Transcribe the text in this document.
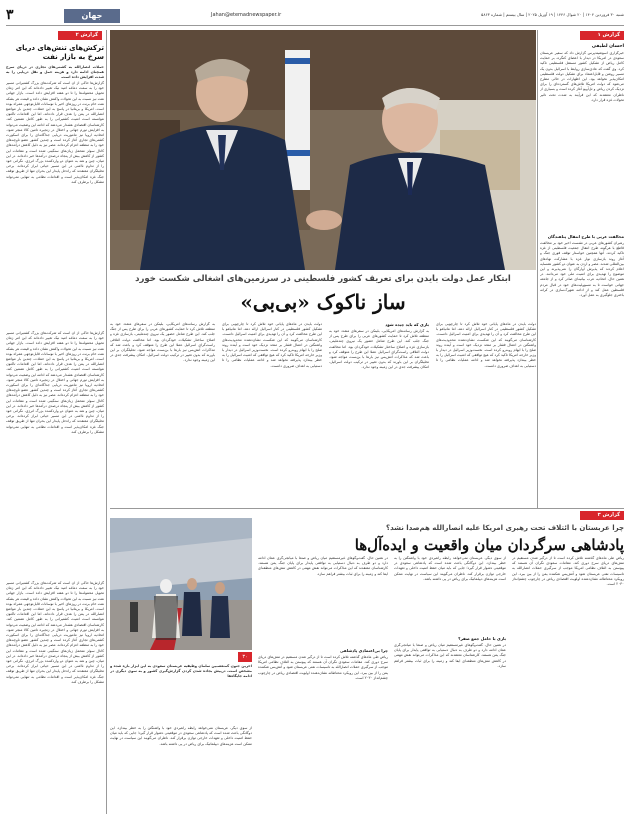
۳	جهان	Jahan@etemadnewspaper.ir	شنبه ۳۰ فروردین ۱۴۰۴ | ۲۰ شوال ۱۴۴۶ | ۱۹ آوریل ۲۰۲۵ | سال بیستم | شماره ۵۸۶۳
گزارش ۱
احسان لطیفی
خبرگزاری آسوشیتدپرس گزارش داد که سفیر عربستان سعودی در امریکا در دیدار با اعضای کنگره، بر حمایت کامل ریاض از تشکیل کشور مستقل فلسطینی تاکید کرد. وی گفت که عادی‌سازی روابط با اسرائیل بدون یک مسیر روشن و قابل‌اعتماد برای تشکیل دولت فلسطینی امکان‌پذیر نخواهد بود. این اظهارات در حالی مطرح می‌شود که دولت امریکا تلاش‌های گسترده‌ای را برای نزدیک کردن ریاض و تل‌آویو آغاز کرده است و بسیاری از ناظران معتقدند که این فرآیند به شدت تحت تاثیر تحولات غزه قرار دارد.
مخالفت عربی با طرح انتقال پناهندگان
رهبران کشورهای عربی در نشست اخیر خود بر مخالفت قاطع با هرگونه طرح انتقال جمعیت فلسطینی از غزه تاکید کردند. آنها همچنین خواستار توقف فوری جنگ و آغاز روند بازسازی نوار غزه با مشارکت نهادهای بین‌المللی شدند. مصر و اردن به عنوان دو کشور همسایه اعلام کردند که پذیرش آوارگان را نمی‌پذیرند و این موضوع را تهدیدی برای امنیت ملی خود می‌دانند. در همین حال، اتحادیه عرب بیانیه‌ای صادر کرد و از جامعه جهانی خواست تا به مسوولیت‌های خود در قبال مردم فلسطین عمل کند و از ادامه شهرک‌سازی در کرانه باختری جلوگیری به عمل آورد.
ابتکار عمل دولت بایدن برای تعریف کشور فلسطینی در سرزمین‌های اشغالی شکست خورد
ساز ناکوک «بی‌بی»
دولت بایدن در ماه‌های پایانی خود تلاش کرد تا چارچوبی برای تشکیل کشور فلسطینی در کنار اسرائیل ارائه دهد، اما نتانیاهو با این طرح مخالفت کرد و آن را تهدیدی برای امنیت اسرائیل دانست. کارشناسان می‌گویند که این شکست نشان‌دهنده محدودیت‌های واشنگتن در اعمال فشار بر متحد نزدیک خود است و آینده روند صلح را با ابهام روبه‌رو کرده است. نخست‌وزیر اسرائیل در دیدار با وزیر خارجه امریکا تاکید کرد که هیچ توافقی که امنیت اسرائیل را به خطر بیندازد پذیرفته نخواهد شد و ادامه عملیات نظامی را تا دستیابی به اهداف ضروری دانست.
بازی که باید چیده شود
به گزارش رسانه‌های امریکایی، بلینکن در سفرهای متعدد خود به منطقه تلاش کرد تا حمایت کشورهای عربی را برای طرح پس از جنگ جلب کند. این طرح شامل حضور یک نیروی چندملیتی، بازسازی غزه و اصلاح ساختار تشکیلات خودگردان بود. اما مخالفت دولت ائتلافی راست‌گرای اسرائیل عملا این طرح را متوقف کرد و باعث شد که مذاکرات آتش‌بس نیز بارها با بن‌بست مواجه شود. تحلیلگران بر این باورند که بدون تغییر در ترکیب دولت اسرائیل، امکان پیشرفت جدی در این زمینه وجود ندارد.
دولت بایدن در ماه‌های پایانی خود تلاش کرد تا چارچوبی برای تشکیل کشور فلسطینی در کنار اسرائیل ارائه دهد، اما نتانیاهو با این طرح مخالفت کرد و آن را تهدیدی برای امنیت اسرائیل دانست. کارشناسان می‌گویند که این شکست نشان‌دهنده محدودیت‌های واشنگتن در اعمال فشار بر متحد نزدیک خود است و آینده روند صلح را با ابهام روبه‌رو کرده است. نخست‌وزیر اسرائیل در دیدار با وزیر خارجه امریکا تاکید کرد که هیچ توافقی که امنیت اسرائیل را به خطر بیندازد پذیرفته نخواهد شد و ادامه عملیات نظامی را تا دستیابی به اهداف ضروری دانست.
به گزارش رسانه‌های امریکایی، بلینکن در سفرهای متعدد خود به منطقه تلاش کرد تا حمایت کشورهای عربی را برای طرح پس از جنگ جلب کند. این طرح شامل حضور یک نیروی چندملیتی، بازسازی غزه و اصلاح ساختار تشکیلات خودگردان بود. اما مخالفت دولت ائتلافی راست‌گرای اسرائیل عملا این طرح را متوقف کرد و باعث شد که مذاکرات آتش‌بس نیز بارها با بن‌بست مواجه شود. تحلیلگران بر این باورند که بدون تغییر در ترکیب دولت اسرائیل، امکان پیشرفت جدی در این زمینه وجود ندارد.
گزارش ۲
ترکش‌های تنش‌های دریای سرخ به بازار نفت
حملات انصارالله به کشتی‌های تجاری در دریای سرخ همچنان ادامه دارد و هزینه حمل و نقل دریایی را به شدت افزایش داده است.
گزارش‌ها حاکی از آن است که شرکت‌های بزرگ کشتیرانی مسیر خود را به سمت دماغه امید نیک تغییر داده‌اند که این امر زمان تحویل محموله‌ها را تا دو هفته افزایش داده است. بازار جهانی نفت نیز نسبت به این تحولات واکنش نشان داده و قیمت هر بشکه نفت خام برنت در روزهای اخیر با نوسانات قابل‌توجهی همراه بوده است. امریکا و بریتانیا در پاسخ به این حملات، چندین بار مواضع انصارالله در یمن را هدف قرار داده‌اند، اما این اقدامات تاکنون نتوانسته است امنیت کشتیرانی را به طور کامل تضمین کند. کارشناسان اقتصادی هشدار می‌دهند که ادامه این وضعیت می‌تواند به افزایش تورم جهانی و اختلال در زنجیره تامین کالا منجر شود. اتحادیه اروپا نیز ماموریت دریایی جداگانه‌ای را برای اسکورت کشتی‌های تجاری آغاز کرده است و چندین کشور عضو ناوچه‌های خود را به منطقه اعزام کرده‌اند. مصر نیز به دلیل کاهش درآمدهای کانال سوئز متحمل زیان‌های سنگینی شده است و مقامات این کشور از کاهش بیش از پنجاه درصدی درآمدها خبر داده‌اند. در این میان، چین و هند به عنوان دو واردکننده بزرگ انرژی، نگرانی خود را از تداوم ناامنی در این مسیر حیاتی ابراز کرده‌اند. برخی تحلیلگران معتقدند که راه‌حل پایدار این بحران تنها از طریق توقف جنگ غزه امکان‌پذیر است و اقدامات نظامی به تنهایی نمی‌تواند مشکل را برطرف کند.
گزارش‌ها حاکی از آن است که شرکت‌های بزرگ کشتیرانی مسیر خود را به سمت دماغه امید نیک تغییر داده‌اند که این امر زمان تحویل محموله‌ها را تا دو هفته افزایش داده است. بازار جهانی نفت نیز نسبت به این تحولات واکنش نشان داده و قیمت هر بشکه نفت خام برنت در روزهای اخیر با نوسانات قابل‌توجهی همراه بوده است. امریکا و بریتانیا در پاسخ به این حملات، چندین بار مواضع انصارالله در یمن را هدف قرار داده‌اند، اما این اقدامات تاکنون نتوانسته است امنیت کشتیرانی را به طور کامل تضمین کند. کارشناسان اقتصادی هشدار می‌دهند که ادامه این وضعیت می‌تواند به افزایش تورم جهانی و اختلال در زنجیره تامین کالا منجر شود. اتحادیه اروپا نیز ماموریت دریایی جداگانه‌ای را برای اسکورت کشتی‌های تجاری آغاز کرده است و چندین کشور عضو ناوچه‌های خود را به منطقه اعزام کرده‌اند. مصر نیز به دلیل کاهش درآمدهای کانال سوئز متحمل زیان‌های سنگینی شده است و مقامات این کشور از کاهش بیش از پنجاه درصدی درآمدها خبر داده‌اند. در این میان، چین و هند به عنوان دو واردکننده بزرگ انرژی، نگرانی خود را از تداوم ناامنی در این مسیر حیاتی ابراز کرده‌اند. برخی تحلیلگران معتقدند که راه‌حل پایدار این بحران تنها از طریق توقف جنگ غزه امکان‌پذیر است و اقدامات نظامی به تنهایی نمی‌تواند مشکل را برطرف کند.
گزارش‌ها حاکی از آن است که شرکت‌های بزرگ کشتیرانی مسیر خود را به سمت دماغه امید نیک تغییر داده‌اند که این امر زمان تحویل محموله‌ها را تا دو هفته افزایش داده است. بازار جهانی نفت نیز نسبت به این تحولات واکنش نشان داده و قیمت هر بشکه نفت خام برنت در روزهای اخیر با نوسانات قابل‌توجهی همراه بوده است. امریکا و بریتانیا در پاسخ به این حملات، چندین بار مواضع انصارالله در یمن را هدف قرار داده‌اند، اما این اقدامات تاکنون نتوانسته است امنیت کشتیرانی را به طور کامل تضمین کند. کارشناسان اقتصادی هشدار می‌دهند که ادامه این وضعیت می‌تواند به افزایش تورم جهانی و اختلال در زنجیره تامین کالا منجر شود. اتحادیه اروپا نیز ماموریت دریایی جداگانه‌ای را برای اسکورت کشتی‌های تجاری آغاز کرده است و چندین کشور عضو ناوچه‌های خود را به منطقه اعزام کرده‌اند. مصر نیز به دلیل کاهش درآمدهای کانال سوئز متحمل زیان‌های سنگینی شده است و مقامات این کشور از کاهش بیش از پنجاه درصدی درآمدها خبر داده‌اند. در این میان، چین و هند به عنوان دو واردکننده بزرگ انرژی، نگرانی خود را از تداوم ناامنی در این مسیر حیاتی ابراز کرده‌اند. برخی تحلیلگران معتقدند که راه‌حل پایدار این بحران تنها از طریق توقف جنگ غزه امکان‌پذیر است و اقدامات نظامی به تنهایی نمی‌تواند مشکل را برطرف کند.
گزارش ۳
چرا عربستان با ائتلاف تحت رهبری امریکا علیه انصارالله هم‌صدا نشد؟
پادشاهی سرگردان میان واقعیت و ایده‌آل‌ها
۳۰
آخرین جنون کمتعصبین سلمان وظیفیه عربستان سعودی به این ابزار بازه شده و مشخص است، درپیش بجاده شدن کردن گزارش‌گیری کشور و به سوی دیگری در ادامه جایگاه‌ها
ریاض طی ماه‌های گذشته تلاش کرده است تا از درگیر شدن مستقیم در تنش‌های دریای سرخ دوری کند. مقامات سعودی نگران آن هستند که پیوستن به ائتلاف نظامی امریکا موجب از سرگیری حملات انصارالله به تاسیسات نفتی عربستان شود و آتش‌بس شکننده یمن را از بین ببرد. این رویکرد محتاطانه نشان‌دهنده اولویت اقتصادی ریاض در چارچوب چشم‌انداز ۲۰۳۰ است.
از سوی دیگر، عربستان نمی‌خواهد رابطه راهبردی خود با واشنگتن را به خطر بیندازد. این دوگانگی باعث شده است که پادشاهی سعودی در موقعیتی دشوار قرار گیرد؛ جایی که باید میان حفظ امنیت داخلی و تعهدات خارجی توازن برقرار کند. ناظران می‌گویند این سیاست در نهایت ممکن است هزینه‌های دیپلماتیک برای ریاض در پی داشته باشد.
بازی با حامل جمع صفر؟
در همین حال، گفت‌وگوهای غیرمستقیم میان ریاض و صنعا با میانجی‌گری عمان ادامه دارد و دو طرف به دنبال دستیابی به توافقی پایدار برای پایان جنگ یمن هستند. کارشناسان معتقدند که این مذاکرات می‌تواند نقش مهمی در کاهش تنش‌های منطقه‌ای ایفا کند و زمینه را برای ثبات بیشتر فراهم سازد.
در همین حال، گفت‌وگوهای غیرمستقیم میان ریاض و صنعا با میانجی‌گری عمان ادامه دارد و دو طرف به دنبال دستیابی به توافقی پایدار برای پایان جنگ یمن هستند. کارشناسان معتقدند که این مذاکرات می‌تواند نقش مهمی در کاهش تنش‌های منطقه‌ای ایفا کند و زمینه را برای ثبات بیشتر فراهم سازد.
چرا بی‌اعتمادی پادشاهی
ریاض طی ماه‌های گذشته تلاش کرده است تا از درگیر شدن مستقیم در تنش‌های دریای سرخ دوری کند. مقامات سعودی نگران آن هستند که پیوستن به ائتلاف نظامی امریکا موجب از سرگیری حملات انصارالله به تاسیسات نفتی عربستان شود و آتش‌بس شکننده یمن را از بین ببرد. این رویکرد محتاطانه نشان‌دهنده اولویت اقتصادی ریاض در چارچوب چشم‌انداز ۲۰۳۰ است.
از سوی دیگر، عربستان نمی‌خواهد رابطه راهبردی خود با واشنگتن را به خطر بیندازد. این دوگانگی باعث شده است که پادشاهی سعودی در موقعیتی دشوار قرار گیرد؛ جایی که باید میان حفظ امنیت داخلی و تعهدات خارجی توازن برقرار کند. ناظران می‌گویند این سیاست در نهایت ممکن است هزینه‌های دیپلماتیک برای ریاض در پی داشته باشد.
